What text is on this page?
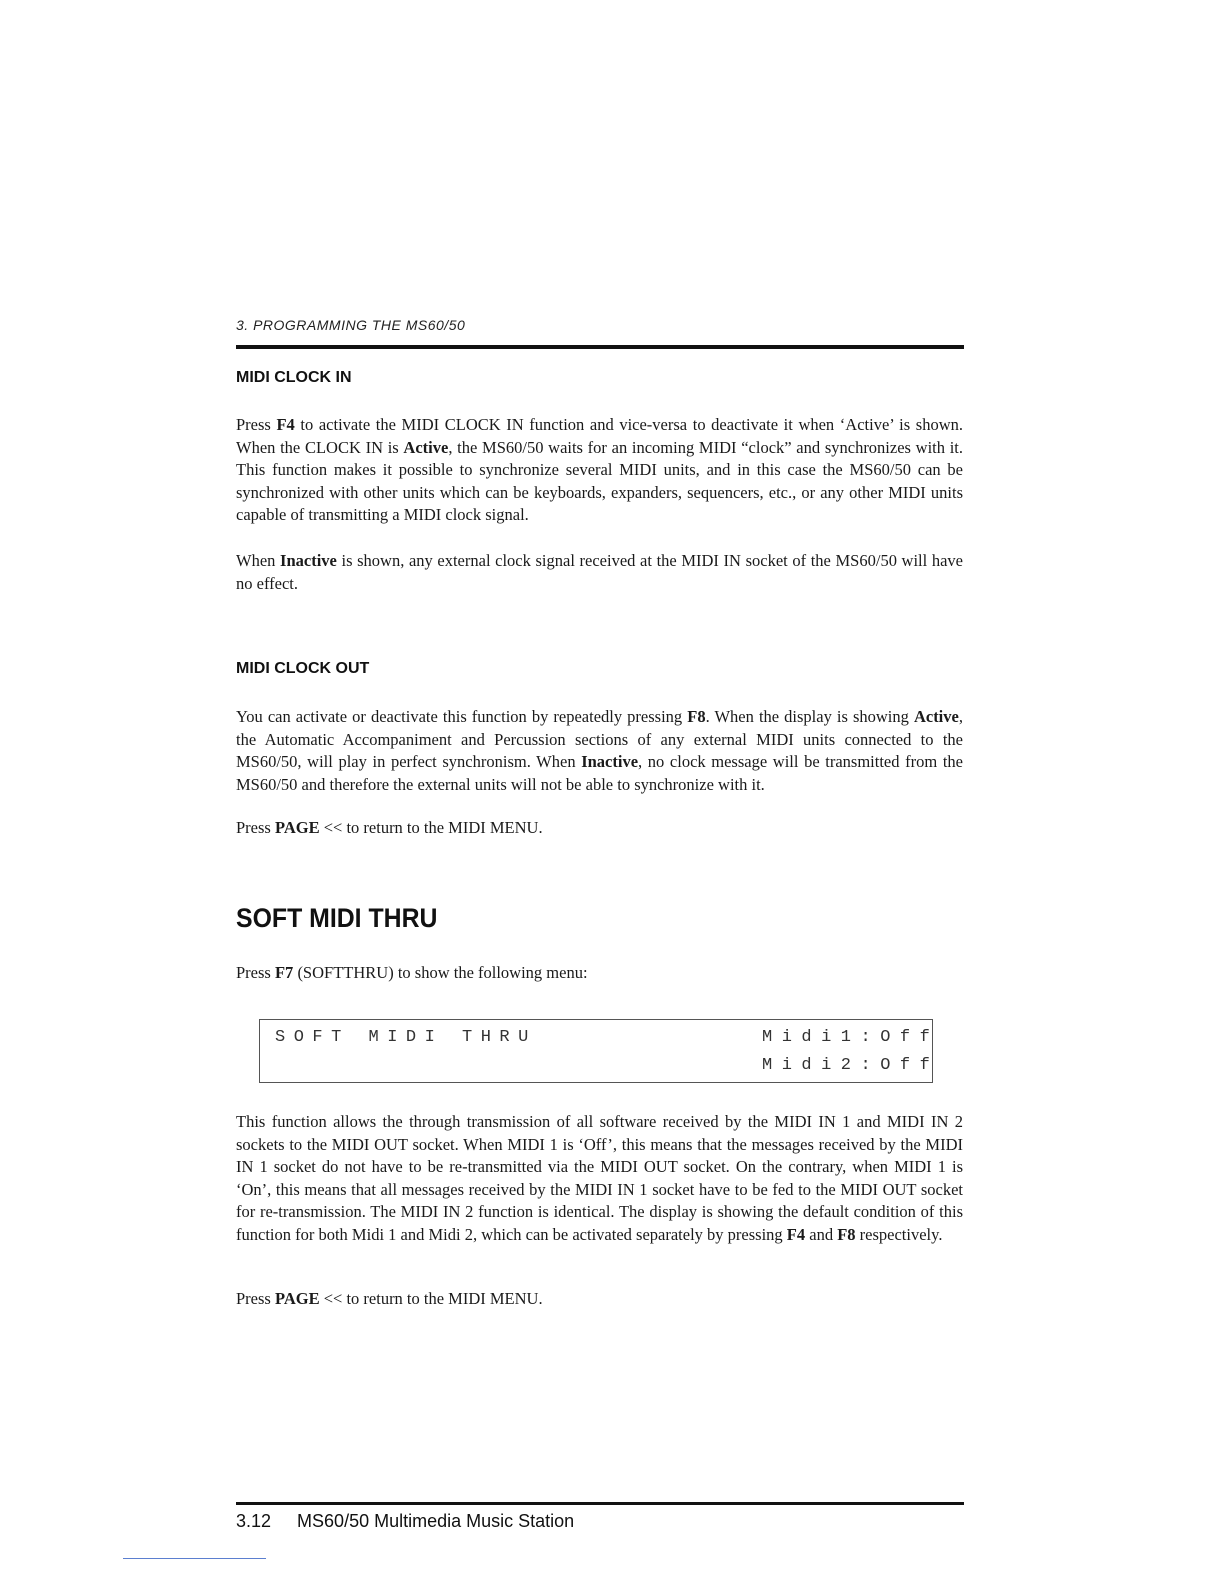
3. PROGRAMMING THE MS60/50
MIDI CLOCK IN

Press F4 to activate the MIDI CLOCK IN function and vice-versa to deactivate it when ‘Active’ is shown. When the CLOCK IN is Active, the MS60/50 waits for an incoming MIDI “clock” and synchronizes with it. This function makes it possible to synchronize several MIDI units, and in this case the MS60/50 can be synchronized with other units which can be keyboards, expanders, sequencers, etc., or any other MIDI units capable of transmitting a MIDI clock signal.

When Inactive is shown, any external clock signal received at the MIDI IN socket of the MS60/50 will have no effect.

MIDI CLOCK OUT

You can activate or deactivate this function by repeatedly pressing F8. When the display is showing Active, the Automatic Accompaniment and Percussion sections of any external MIDI units connected to the MS60/50, will play in perfect synchronism. When Inactive, no clock message will be transmitted from the MS60/50 and therefore the external units will not be able to synchronize with it.

Press PAGE << to return to the MIDI MENU.

SOFT MIDI THRU

Press F7 (SOFTTHRU) to show the following menu:

SOFT MIDI THRU	Midi1:Off
Midi2:Off

This function allows the through transmission of all software received by the MIDI IN 1 and MIDI IN 2 sockets to the MIDI OUT socket. When MIDI 1 is ‘Off’, this means that the messages received by the MIDI IN 1 socket do not have to be re-transmitted via the MIDI OUT socket. On the contrary, when MIDI 1 is ‘On’, this means that all messages received by the MIDI IN 1 socket have to be fed to the MIDI OUT socket for re-transmission. The MIDI IN 2 function is identical. The display is showing the default condition of this function for both Midi 1 and Midi 2, which can be activated separately by pressing F4 and F8 respectively.

Press PAGE << to return to the MIDI MENU.

3.12 MS60/50 Multimedia Music Station
